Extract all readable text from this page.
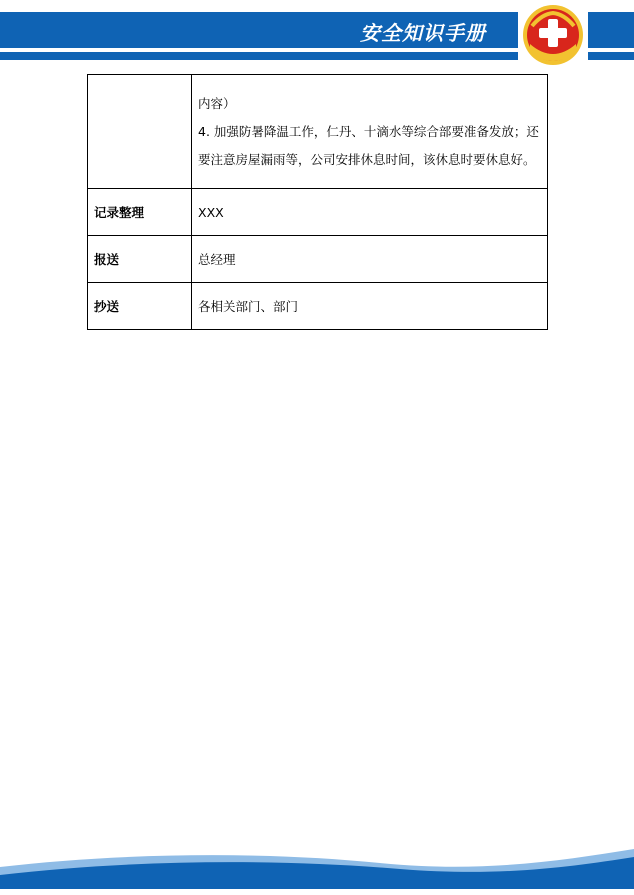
安全知识手册

	内容）
4. 加强防暑降温工作，仁丹、十滴水等综合部要准备发放；还
要注意房屋漏雨等，公司安排休息时间，该休息时要休息好。

记录整理	XXX
报送	总经理
抄送	各相关部门、部门
